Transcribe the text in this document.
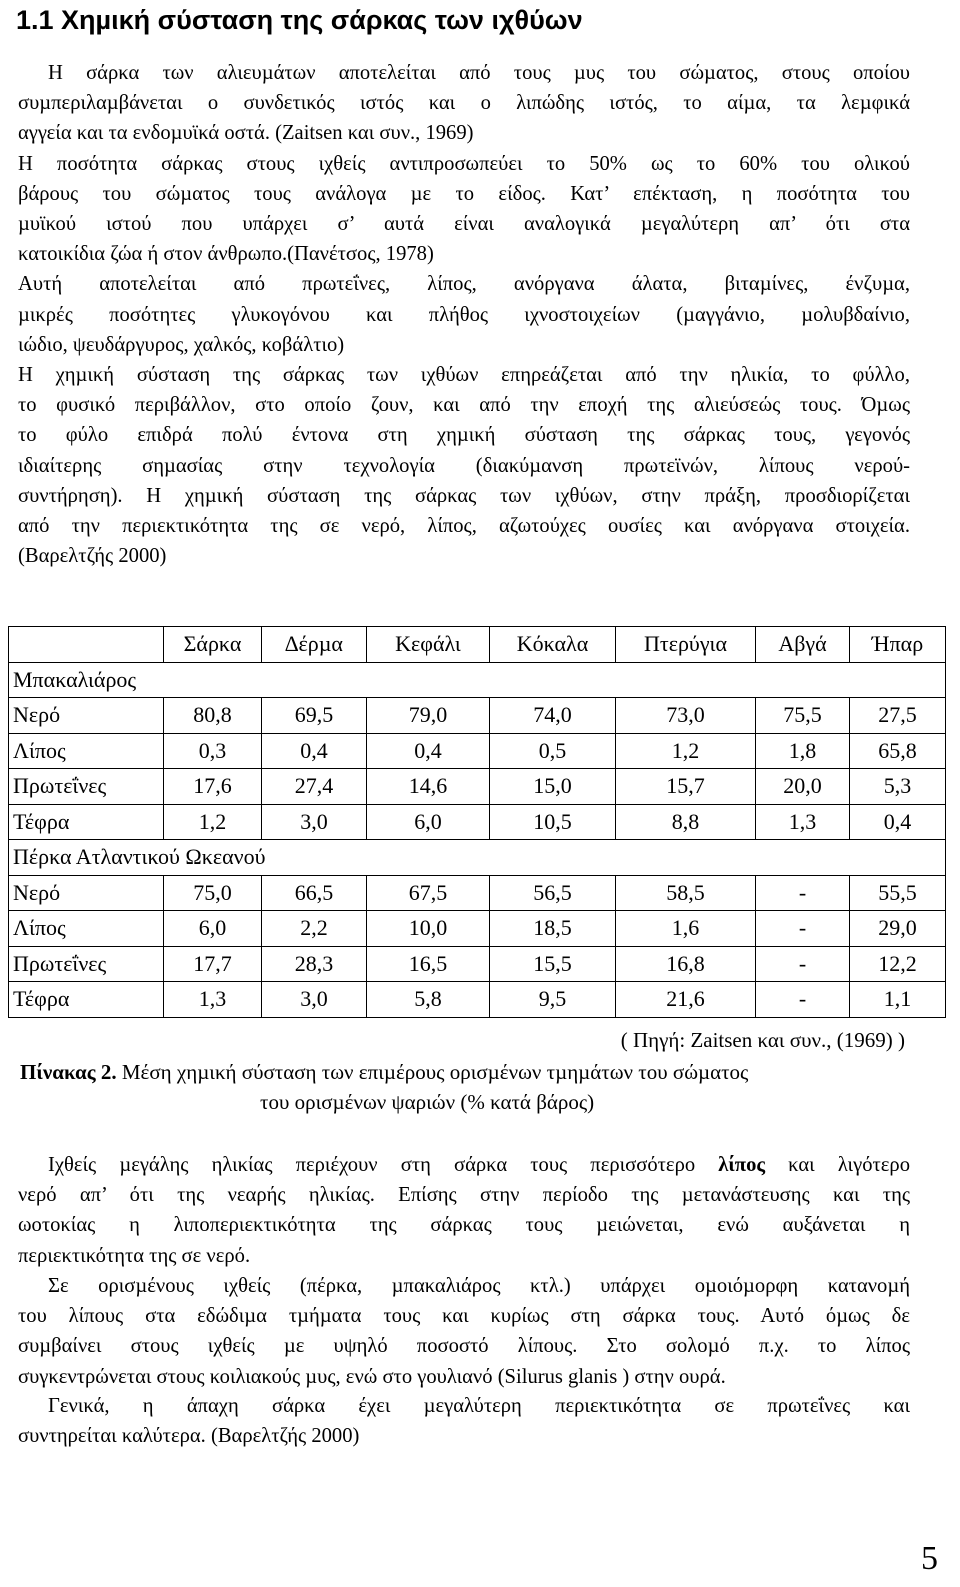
1.1 Χηµική σύσταση της σάρκας των ιχθύων
Η σάρκα των αλιευµάτων αποτελείται από τους µυς του σώµατος, στους οποίου
συµπεριλαµβάνεται ο συνδετικός ιστός και ο λιπώδης ιστός, το αίµα, τα λεµφικά
αγγεία και τα ενδοµυϊκά οστά. (Zaitsen και συν., 1969)
Η ποσότητα σάρκας στους ιχθείς αντιπροσωπεύει το 50% ως το 60% του ολικού
βάρους του σώµατος τους ανάλογα µε το είδος. Κατ’ επέκταση, η ποσότητα του
µυϊκού ιστού που υπάρχει σ’ αυτά είναι αναλογικά µεγαλύτερη απ’ ότι στα
κατοικίδια ζώα ή στον άνθρωπο.(Πανέτσος, 1978)
Αυτή αποτελείται από πρωτεΐνες, λίπος, ανόργανα άλατα, βιταµίνες, ένζυµα,
µικρές ποσότητες γλυκογόνου και πλήθος ιχνοστοιχείων (µαγγάνιο, µολυβδαίνιο,
ιώδιο, ψευδάργυρος, χαλκός, κοβάλτιο)
Η χηµική σύσταση της σάρκας των ιχθύων επηρεάζεται από την ηλικία, το φύλλο,
το φυσικό περιβάλλον, στο οποίο ζουν, και από την εποχή της αλιεύσεώς τους. Όµως
το φύλο επιδρά πολύ έντονα στη χηµική σύσταση της σάρκας τους, γεγονός
ιδιαίτερης σηµασίας στην τεχνολογία (διακύµανση πρωτεϊνών, λίπους νερού-
συντήρηση). Η χηµική σύσταση της σάρκας των ιχθύων, στην πράξη, προσδιορίζεται
από την περιεκτικότητα της σε νερό, λίπος, αζωτούχες ουσίες και ανόργανα στοιχεία.
(Βαρελτζής 2000)
	Σάρκα	∆έρµα	Κεφάλι	Κόκαλα	Πτερύγια	Αβγά	Ήπαρ
Μπακαλιάρος							
Νερό	80,8	69,5	79,0	74,0	73,0	75,5	27,5
Λίπος	0,3	0,4	0,4	0,5	1,2	1,8	65,8
Πρωτεΐνες	17,6	27,4	14,6	15,0	15,7	20,0	5,3
Τέφρα	1,2	3,0	6,0	10,5	8,8	1,3	0,4
Πέρκα Ατλαντικού Ωκεανού							
Νερό	75,0	66,5	67,5	56,5	58,5	-	55,5
Λίπος	6,0	2,2	10,0	18,5	1,6	-	29,0
Πρωτεΐνες	17,7	28,3	16,5	15,5	16,8	-	12,2
Τέφρα	1,3	3,0	5,8	9,5	21,6	-	1,1
( Πηγή: Zaitsen και συν., (1969) )
Πίνακας 2. Μέση χηµική σύσταση των επιµέρους ορισµένων τµηµάτων του σώµατος
του ορισµένων ψαριών (% κατά βάρος)
Ιχθείς µεγάλης ηλικίας περιέχουν στη σάρκα τους περισσότερο λίπος και λιγότερο
νερό απ’ ότι της νεαρής ηλικίας. Επίσης στην περίοδο της µετανάστευσης και της
ωοτοκίας η λιποπεριεκτικότητα της σάρκας τους µειώνεται, ενώ αυξάνεται η
περιεκτικότητα της σε νερό.
Σε ορισµένους ιχθείς (πέρκα, µπακαλιάρος κτλ.) υπάρχει οµοιόµορφη κατανοµή
του λίπους στα εδώδιµα τµήµατα τους και κυρίως στη σάρκα τους. Αυτό όµως δε
συµβαίνει στους ιχθείς µε υψηλό ποσοστό λίπους. Στο σολοµό π.χ. το λίπος
συγκεντρώνεται στους κοιλιακούς µυς, ενώ στο γουλιανό (Silurus glanis ) στην ουρά.
Γενικά, η άπαχη σάρκα έχει µεγαλύτερη περιεκτικότητα σε πρωτεΐνες και
συντηρείται καλύτερα. (Βαρελτζής 2000)
5
